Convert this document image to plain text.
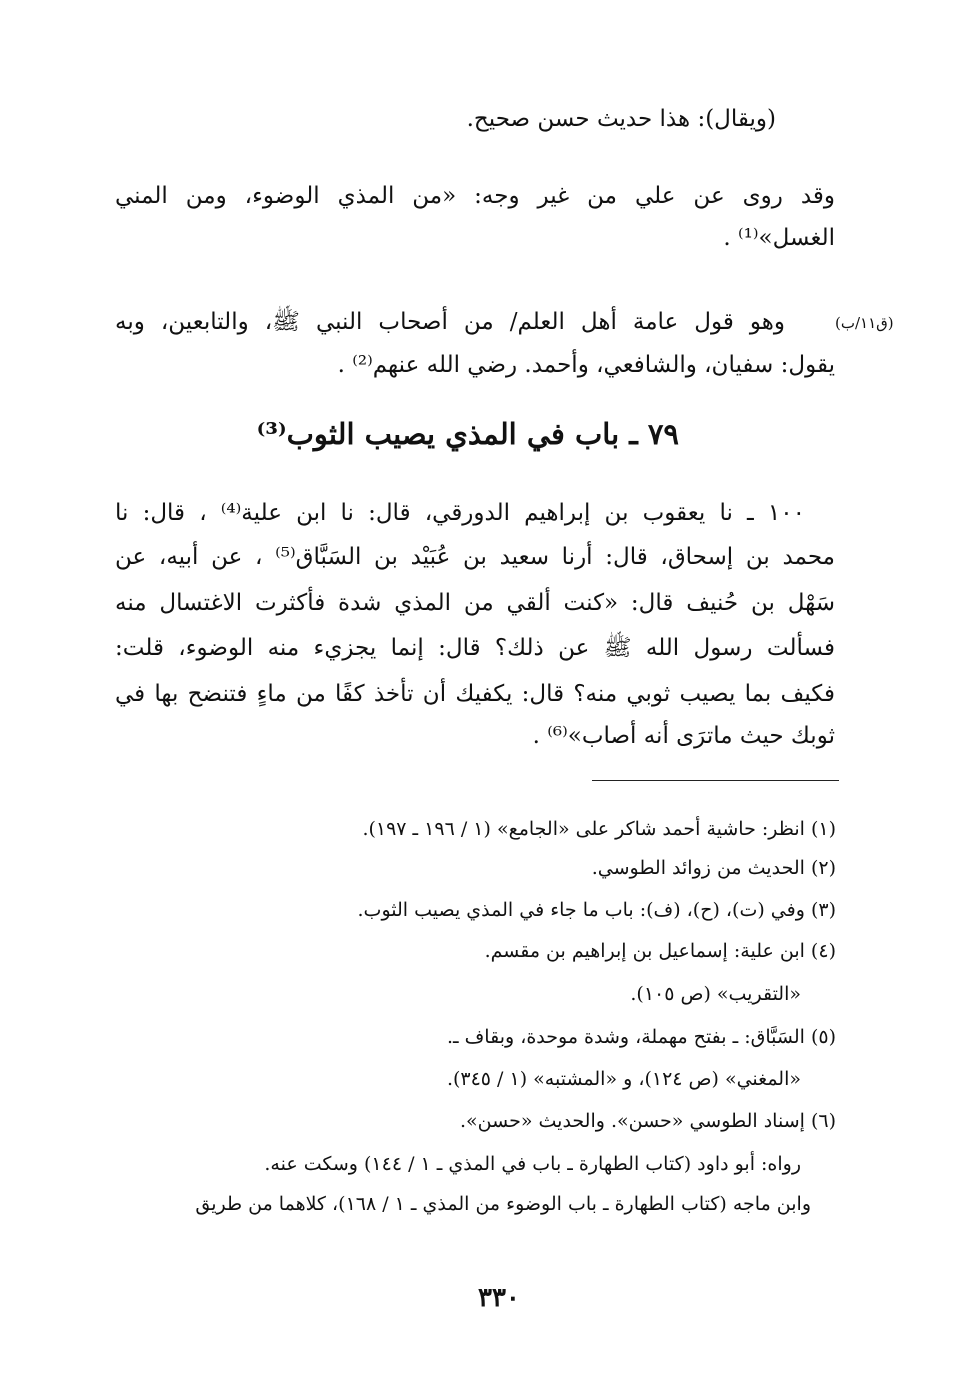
(ويقال): هذا حديث حسن صحيح.
وقد روى عن علي من غير وجه: «من المذي الوضوء، ومن المني
الغسل»⁽¹⁾ .
(ق١١/ب)
وهو قول عامة أهل العلم/ من أصحاب النبي ﷺ، والتابعين، وبه
يقول: سفيان، والشافعي، وأحمد. رضي الله عنهم⁽²⁾ .
٧٩ ـ باب في المذي يصيب الثوب⁽³⁾
١٠٠ ـ نا يعقوب بن إبراهيم الدورقي، قال: نا ابن علية⁽⁴⁾ ، قال: نا
محمد بن إسحاق، قال: أرنا سعيد بن عُبَيْد بن السَبَّاق⁽⁵⁾ ، عن أبيه، عن
سَهْل بن حُنيف قال: «كنت ألقي من المذي شدة فأكثرت الاغتسال منه
فسألت رسول الله ﷺ عن ذلك؟ قال: إنما يجزيء منه الوضوء، قلت:
فكيف بما يصيب ثوبي منه؟ قال: يكفيك أن تأخذ كفًا من ماءٍ فتنضح بها في
ثوبك حيث ماترَى أنه أصاب»⁽⁶⁾ .
(١) انظر: حاشية أحمد شاكر على «الجامع» (١ / ١٩٦ ـ ١٩٧).
(٢) الحديث من زوائد الطوسي.
(٣) وفي (ت)، (ح)، (ف): باب ما جاء في المذي يصيب الثوب.
(٤) ابن علية: إسماعيل بن إبراهيم بن مقسم.
«التقريب» (ص ١٠٥).
(٥) السَبَّاق: ـ بفتح مهملة، وشدة موحدة، وبقاف ـ.
«المغني» (ص ١٢٤)، و «المشتبه» (١ / ٣٤٥).
(٦) إسناد الطوسي «حسن». والحديث «حسن».
رواه: أبو داود (كتاب الطهارة ـ باب في المذي ـ ١ / ١٤٤) وسكت عنه.
وابن ماجه (كتاب الطهارة ـ باب الوضوء من المذي ـ ١ / ١٦٨)، كلاهما من طريق
٣٣٠
